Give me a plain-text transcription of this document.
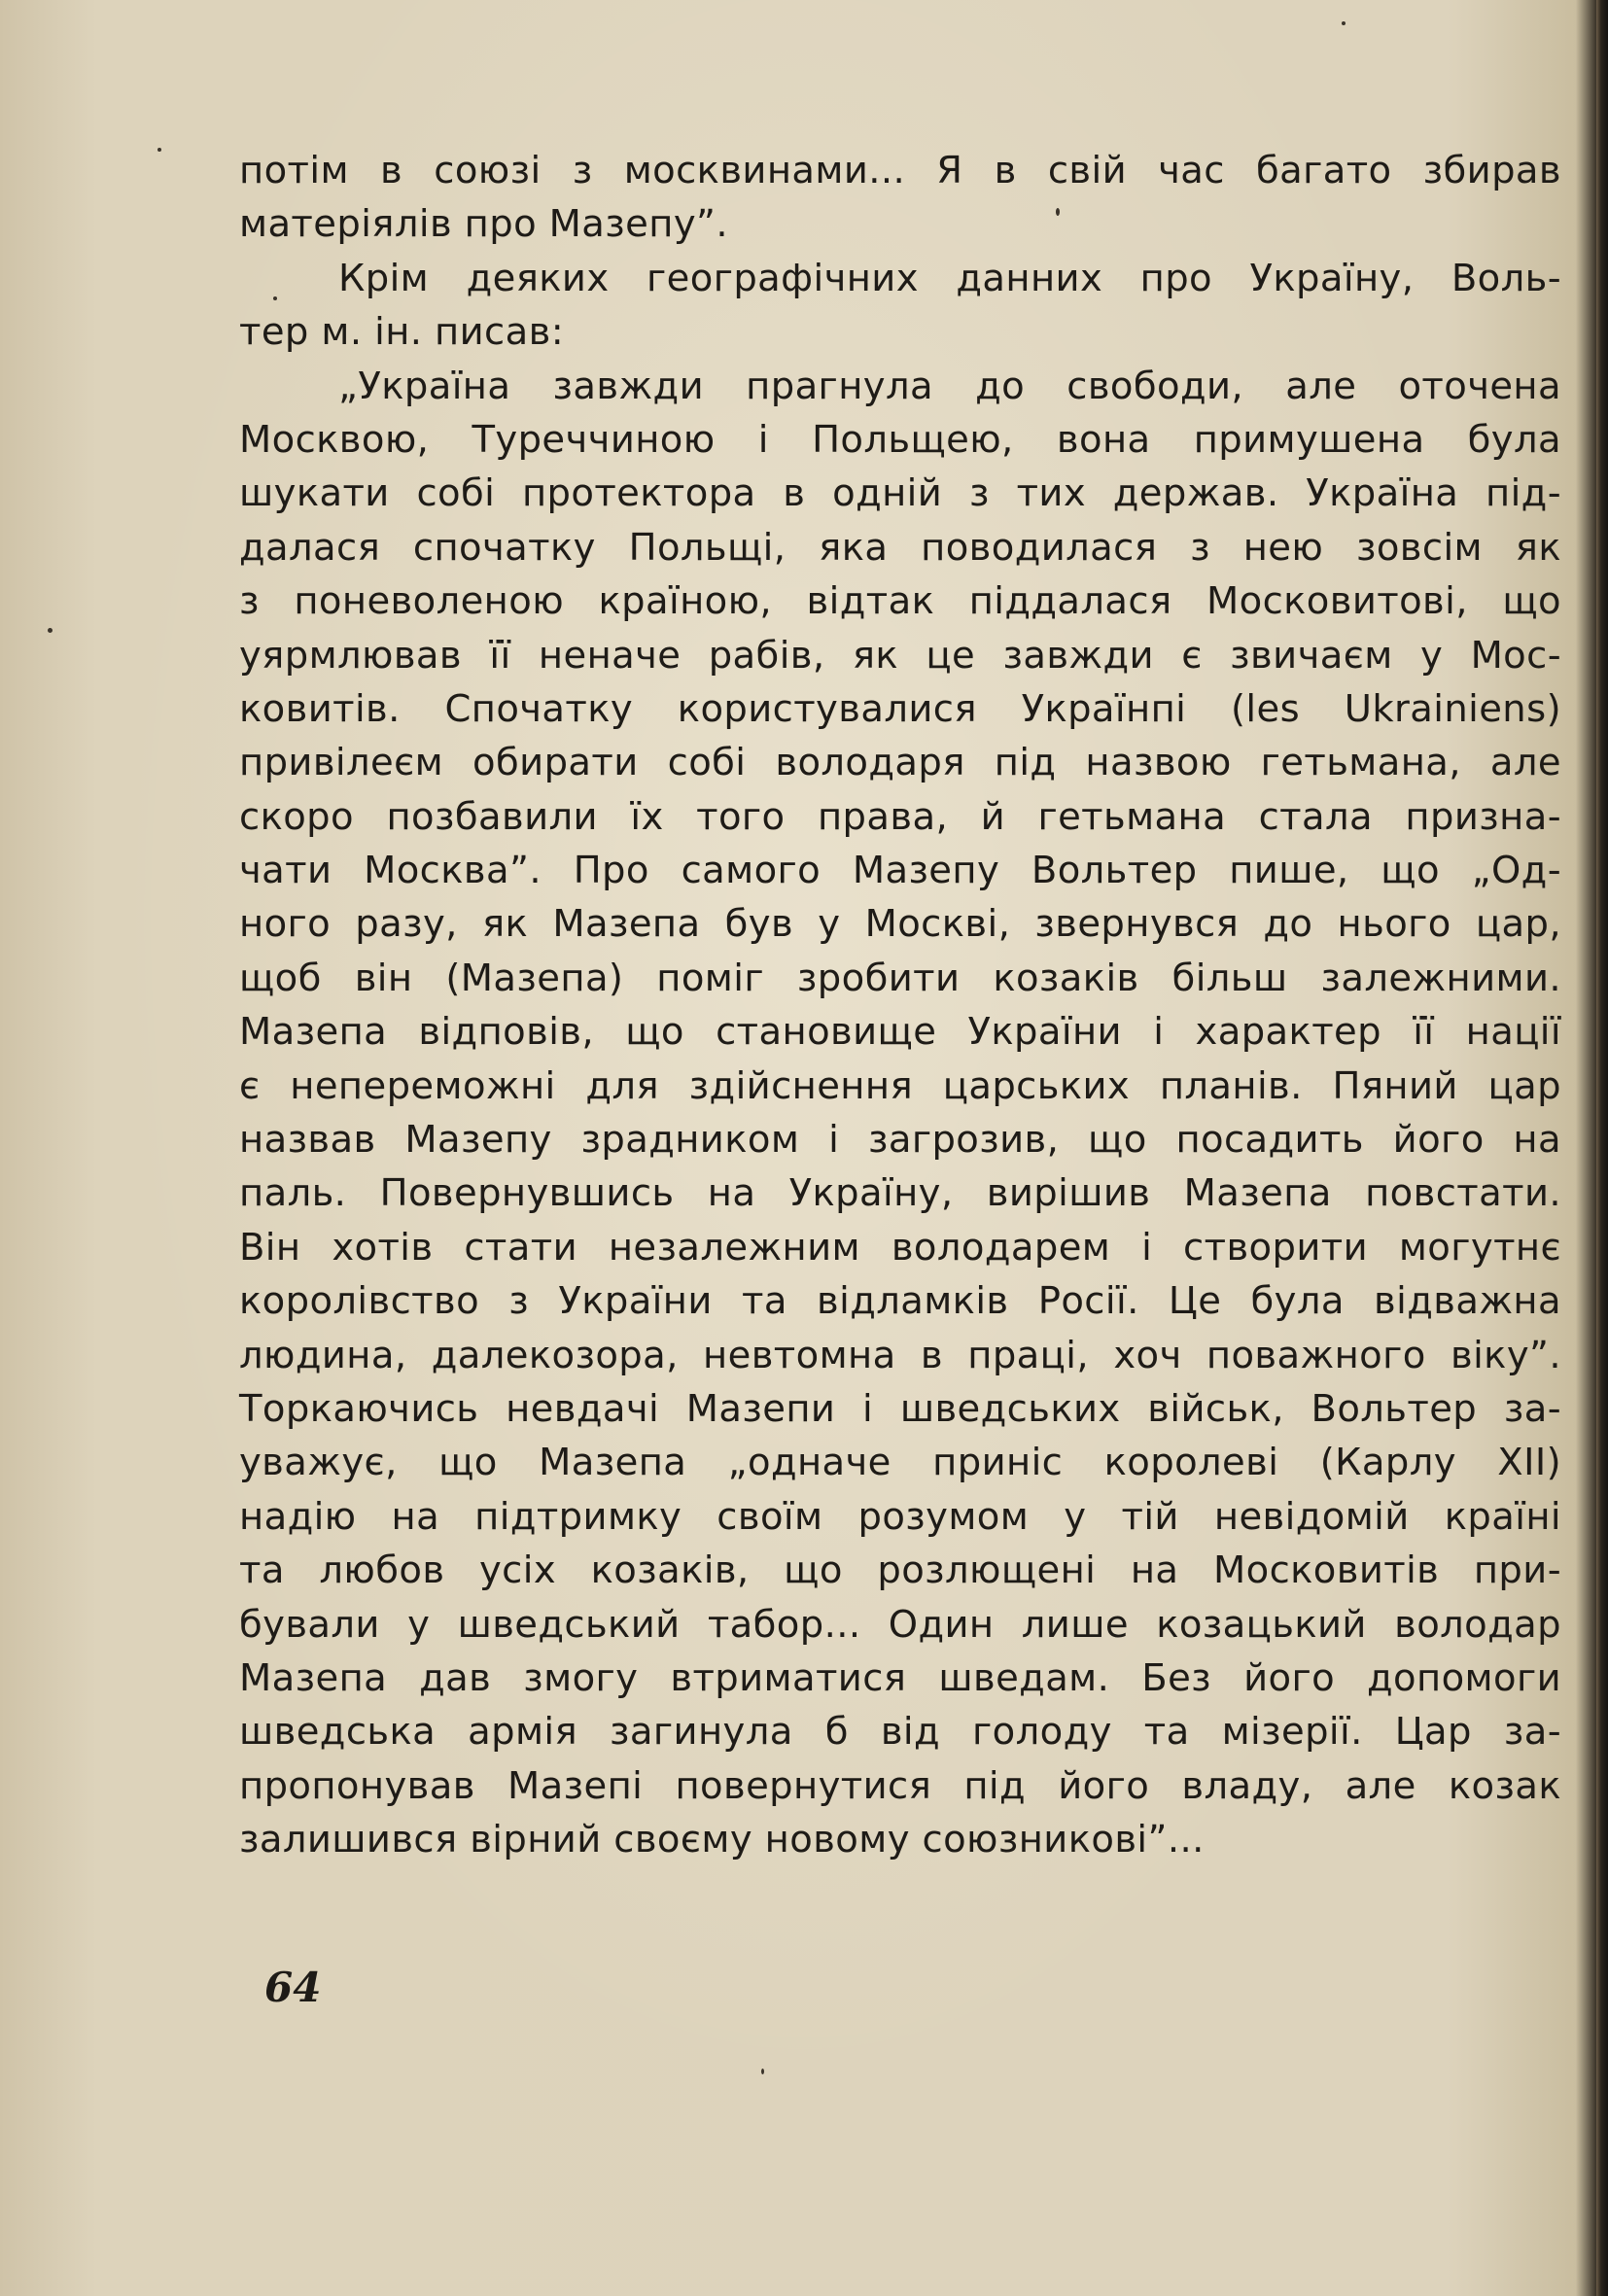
потім в союзі з москвинами... Я в свій час багато збирав
матеріялів про Мазепу”.
Крім деяких географічних данних про Україну, Воль-
тер м. ін. писав:
„Україна завжди прагнула до свободи, але оточена
Москвою, Туреччиною і Польщею, вона примушена була
шукати собі протектора в одній з тих держав. Україна під-
далася спочатку Польщі, яка поводилася з нею зовсім як
з поневоленою країною, відтак піддалася Московитові, що
уярмлював її неначе рабів, як це завжди є звичаєм у Мос-
ковитів. Спочатку користувалися Українпі (les Ukrainiens)
привілеєм обирати собі володаря під назвою гетьмана, але
скоро позбавили їх того права, й гетьмана стала призна-
чати Москва”. Про самого Мазепу Вольтер пише, що „Од-
ного разу, як Мазепа був у Москві, звернувся до нього цар,
щоб він (Мазепа) поміг зробити козаків більш залежними.
Мазепа відповів, що становище України і характер її нації
є непереможні для здійснення царських планів. Пяний цар
назвав Мазепу зрадником і загрозив, що посадить його на
паль. Повернувшись на Україну, вирішив Мазепа повстати.
Він хотів стати незалежним володарем і створити могутнє
королівство з України та відламків Росії. Це була відважна
людина, далекозора, невтомна в праці, хоч поважного віку”.
Торкаючись невдачі Мазепи і шведських військ, Вольтер за-
уважує, що Мазепа „одначе приніс королеві (Карлу XII)
надію на підтримку своїм розумом у тій невідомій країні
та любов усіх козаків, що розлющені на Московитів при-
бували у шведський табор... Один лише козацький володар
Мазепа дав змогу втриматися шведам. Без його допомоги
шведська армія загинула б від голоду та мізерії. Цар за-
пропонував Мазепі повернутися під його владу, але козак
залишився вірний своєму новому союзникові”...
64
